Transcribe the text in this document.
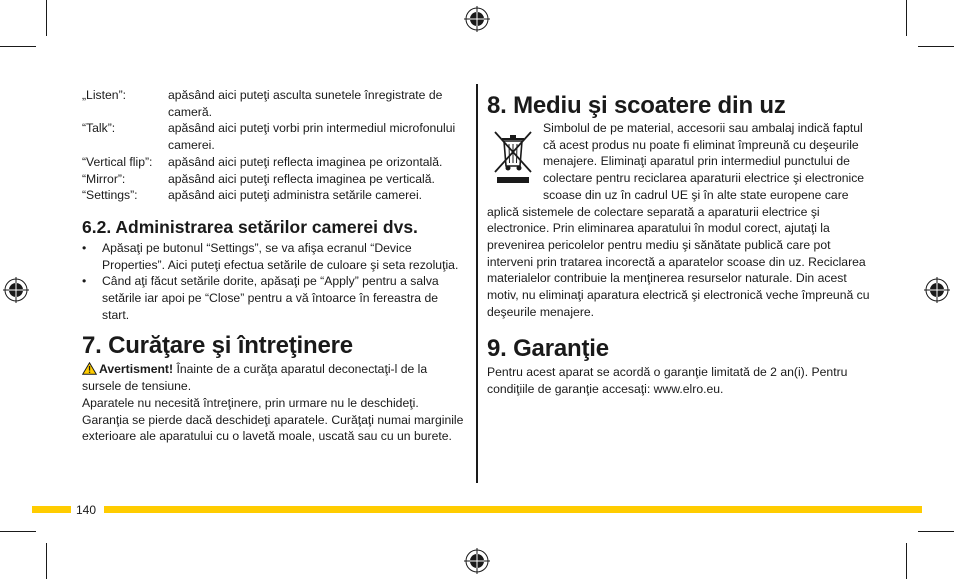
„Listen”:	apăsând aici puteţi asculta sunetele înregistrate de cameră.
“Talk”:	apăsând aici puteţi vorbi prin intermediul microfonului camerei.
“Vertical flip”:	apăsând aici puteţi reflecta imaginea pe orizontală.
“Mirror”:	apăsând aici puteţi reflecta imaginea pe verticală.
“Settings”:	apăsând aici puteţi administra setările camerei.
6.2. Administrarea setărilor camerei dvs.
• Apăsaţi pe butonul “Settings”, se va afişa ecranul “Device Properties”. Aici puteţi efectua setările de culoare şi seta rezoluţia.
• Când aţi făcut setările dorite, apăsaţi pe “Apply” pentru a salva setările iar apoi pe “Close” pentru a vă întoarce în fereastra de start.
7. Curăţare şi întreţinere

Avertisment! Înainte de a curăţa aparatul deconectaţi-l de la sursele de tensiune.

Aparatele nu necesită întreţinere, prin urmare nu le deschideţi. Garanţia se pierde dacă deschideţi aparatele. Curăţaţi numai marginile exterioare ale aparatului cu o lavetă moale, uscată sau cu un burete.

8. Mediu şi scoatere din uz

Simbolul de pe material, accesorii sau ambalaj indică faptul că acest produs nu poate fi eliminat împreună cu deşeurile menajere. Eliminaţi aparatul prin intermediul punctului de colectare pentru reciclarea aparaturii electrice şi electronice scoase din uz în cadrul UE şi în alte state europene care aplică sistemele de colectare separată a aparaturii electrice şi electronice. Prin eliminarea aparatului în modul corect, ajutaţi la prevenirea pericolelor pentru mediu şi sănătate publică care pot interveni prin tratarea incorectă a aparatelor scoase din uz. Reciclarea materialelor contribuie la menţinerea resurselor naturale. Din acest motiv, nu eliminaţi aparatura electrică şi electronică veche împreună cu deşeurile menajere.

9. Garanţie

Pentru acest aparat se acordă o garanţie limitată de 2 an(i). Pentru condiţiile de garanţie accesaţi: www.elro.eu.

140
